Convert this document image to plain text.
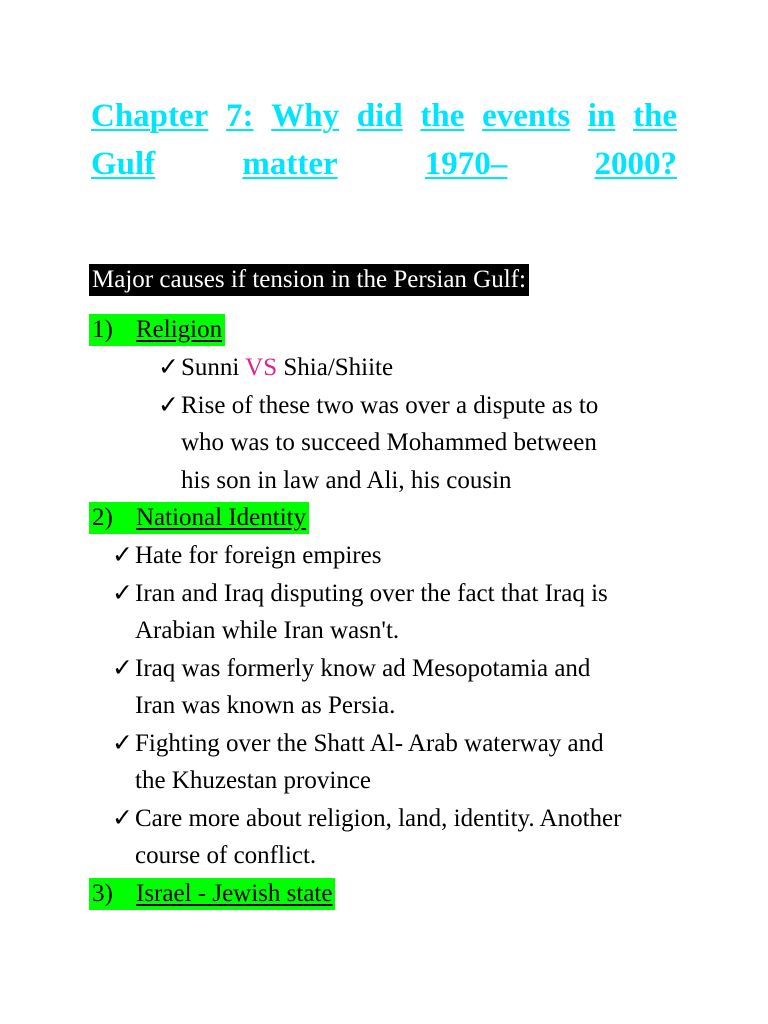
Chapter 7: Why did the events in the
Gulf	matter	1970–	2000?
Major causes if tension in the Persian Gulf:
1) Religion
✓ Sunni VS Shia/Shiite
✓ Rise of these two was over a dispute as to
who was to succeed Mohammed between
his son in law and Ali, his cousin
2) National Identity
✓ Hate for foreign empires
✓ Iran and Iraq disputing over the fact that Iraq is
Arabian while Iran wasn't.
✓ Iraq was formerly know ad Mesopotamia and
Iran was known as Persia.
✓ Fighting over the Shatt Al- Arab waterway and
the Khuzestan province
✓ Care more about religion, land, identity. Another
course of conflict.
3) Israel - Jewish state
